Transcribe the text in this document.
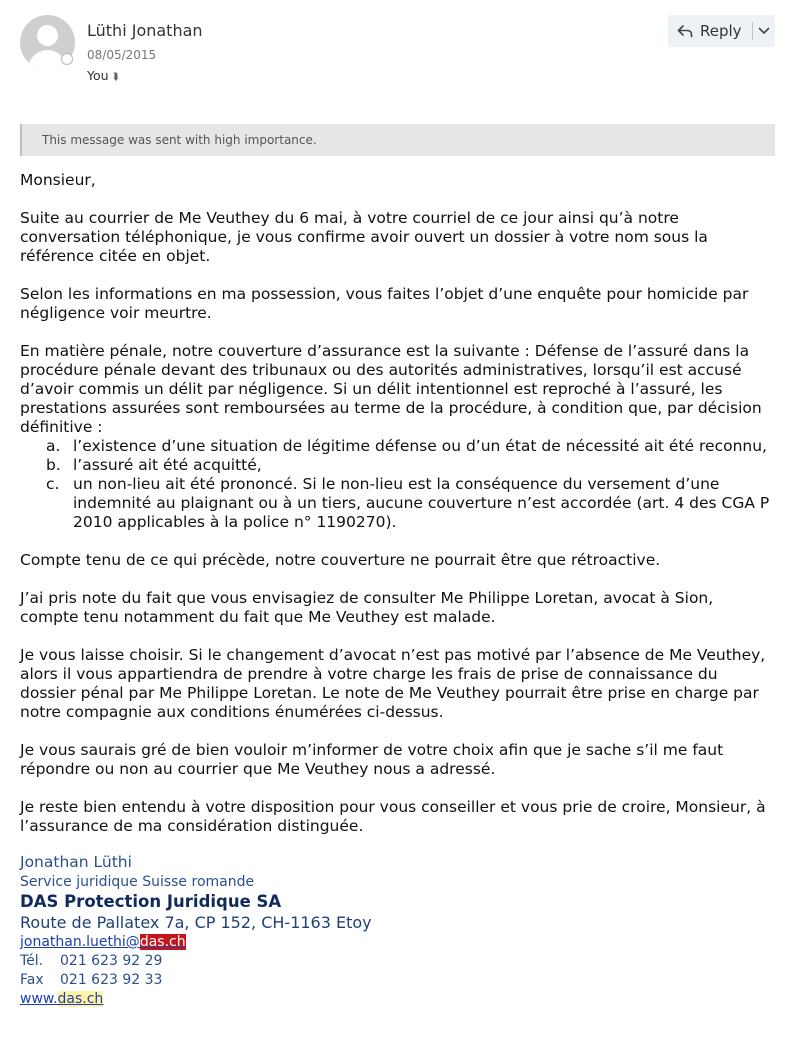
Lüthi Jonathan
08/05/2015
You ⮯
Reply
This message was sent with high importance.

Monsieur,

Suite au courrier de Me Veuthey du 6 mai, à votre courriel de ce jour ainsi qu’à notre conversation téléphonique, je vous confirme avoir ouvert un dossier à votre nom sous la référence citée en objet.

Selon les informations en ma possession, vous faites l’objet d’une enquête pour homicide par négligence voir meurtre.

En matière pénale, notre couverture d’assurance est la suivante : Défense de l’assuré dans la procédure pénale devant des tribunaux ou des autorités administratives, lorsqu’il est accusé d’avoir commis un délit par négligence. Si un délit intentionnel est reproché à l’assuré, les prestations assurées sont remboursées au terme de la procédure, à condition que, par décision définitive :

a. l’existence d’une situation de légitime défense ou d’un état de nécessité ait été reconnu,
b. l’assuré ait été acquitté,
c. un non-lieu ait été prononcé. Si le non-lieu est la conséquence du versement d’une indemnité au plaignant ou à un tiers, aucune couverture n’est accordée (art. 4 des CGA P 2010 applicables à la police n° 1190270).

Compte tenu de ce qui précède, notre couverture ne pourrait être que rétroactive.

J’ai pris note du fait que vous envisagiez de consulter Me Philippe Loretan, avocat à Sion, compte tenu notamment du fait que Me Veuthey est malade.

Je vous laisse choisir. Si le changement d’avocat n’est pas motivé par l’absence de Me Veuthey, alors il vous appartiendra de prendre à votre charge les frais de prise de connaissance du dossier pénal par Me Philippe Loretan. Le note de Me Veuthey pourrait être prise en charge par notre compagnie aux conditions énumérées ci-dessus.

Je vous saurais gré de bien vouloir m’informer de votre choix afin que je sache s’il me faut répondre ou non au courrier que Me Veuthey nous a adressé.

Je reste bien entendu à votre disposition pour vous conseiller et vous prie de croire, Monsieur, à l’assurance de ma considération distinguée.

Jonathan Lüthi
Service juridique Suisse romande
DAS Protection Juridique SA
Route de Pallatex 7a, CP 152, CH-1163 Etoy
jonathan.luethi@das.ch
Tél. 021 623 92 29
Fax 021 623 92 33
www.das.ch
